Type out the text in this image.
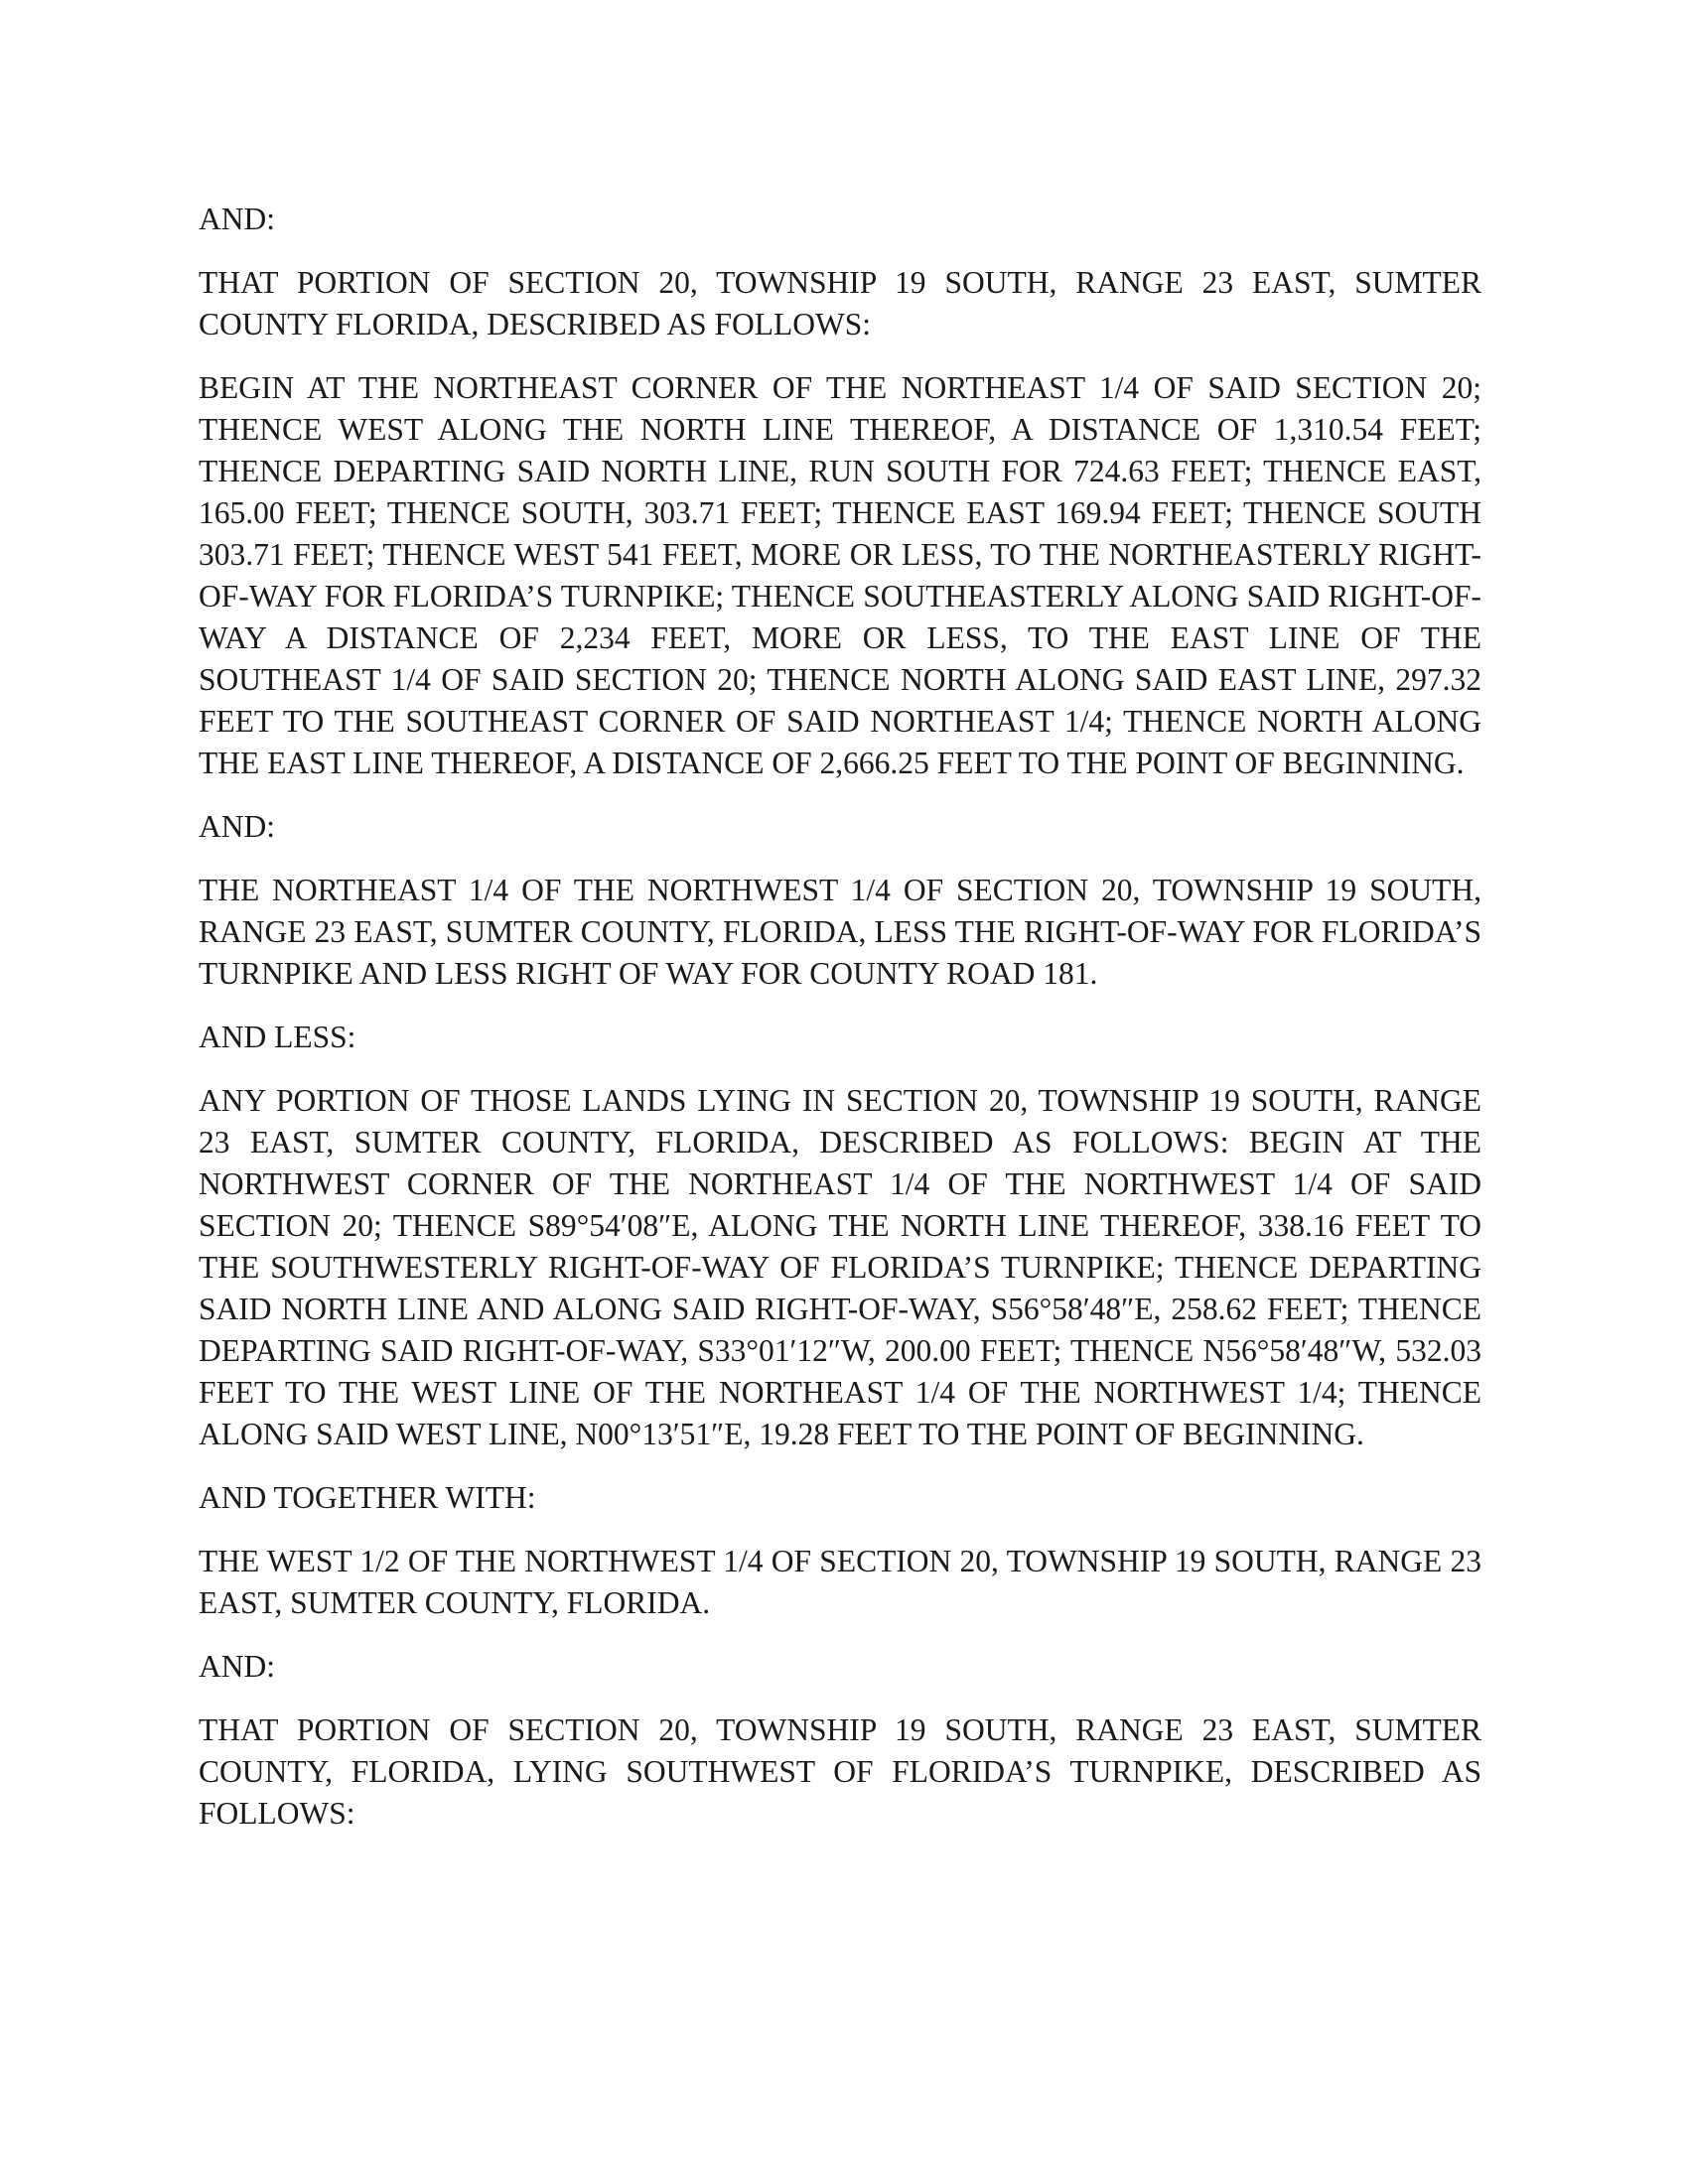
AND:

THAT PORTION OF SECTION 20, TOWNSHIP 19 SOUTH, RANGE 23 EAST, SUMTER COUNTY FLORIDA, DESCRIBED AS FOLLOWS:

BEGIN AT THE NORTHEAST CORNER OF THE NORTHEAST 1/4 OF SAID SECTION 20; THENCE WEST ALONG THE NORTH LINE THEREOF, A DISTANCE OF 1,310.54 FEET; THENCE DEPARTING SAID NORTH LINE, RUN SOUTH FOR 724.63 FEET; THENCE EAST, 165.00 FEET; THENCE SOUTH, 303.71 FEET; THENCE EAST 169.94 FEET; THENCE SOUTH 303.71 FEET; THENCE WEST 541 FEET, MORE OR LESS, TO THE NORTHEASTERLY RIGHT-OF-WAY FOR FLORIDA’S TURNPIKE; THENCE SOUTHEASTERLY ALONG SAID RIGHT-OF-WAY A DISTANCE OF 2,234 FEET, MORE OR LESS, TO THE EAST LINE OF THE SOUTHEAST 1/4 OF SAID SECTION 20; THENCE NORTH ALONG SAID EAST LINE, 297.32 FEET TO THE SOUTHEAST CORNER OF SAID NORTHEAST 1/4; THENCE NORTH ALONG THE EAST LINE THEREOF, A DISTANCE OF 2,666.25 FEET TO THE POINT OF BEGINNING.

AND:

THE NORTHEAST 1/4 OF THE NORTHWEST 1/4 OF SECTION 20, TOWNSHIP 19 SOUTH, RANGE 23 EAST, SUMTER COUNTY, FLORIDA, LESS THE RIGHT-OF-WAY FOR FLORIDA’S TURNPIKE AND LESS RIGHT OF WAY FOR COUNTY ROAD 181.

AND LESS:

ANY PORTION OF THOSE LANDS LYING IN SECTION 20, TOWNSHIP 19 SOUTH, RANGE 23 EAST, SUMTER COUNTY, FLORIDA, DESCRIBED AS FOLLOWS: BEGIN AT THE NORTHWEST CORNER OF THE NORTHEAST 1/4 OF THE NORTHWEST 1/4 OF SAID SECTION 20; THENCE S89°54′08″E, ALONG THE NORTH LINE THEREOF, 338.16 FEET TO THE SOUTHWESTERLY RIGHT-OF-WAY OF FLORIDA’S TURNPIKE; THENCE DEPARTING SAID NORTH LINE AND ALONG SAID RIGHT-OF-WAY, S56°58′48″E, 258.62 FEET; THENCE DEPARTING SAID RIGHT-OF-WAY, S33°01′12″W, 200.00 FEET; THENCE N56°58′48″W, 532.03 FEET TO THE WEST LINE OF THE NORTHEAST 1/4 OF THE NORTHWEST 1/4; THENCE ALONG SAID WEST LINE, N00°13′51″E, 19.28 FEET TO THE POINT OF BEGINNING.

AND TOGETHER WITH:

THE WEST 1/2 OF THE NORTHWEST 1/4 OF SECTION 20, TOWNSHIP 19 SOUTH, RANGE 23 EAST, SUMTER COUNTY, FLORIDA.

AND:

THAT PORTION OF SECTION 20, TOWNSHIP 19 SOUTH, RANGE 23 EAST, SUMTER COUNTY, FLORIDA, LYING SOUTHWEST OF FLORIDA’S TURNPIKE, DESCRIBED AS FOLLOWS:
